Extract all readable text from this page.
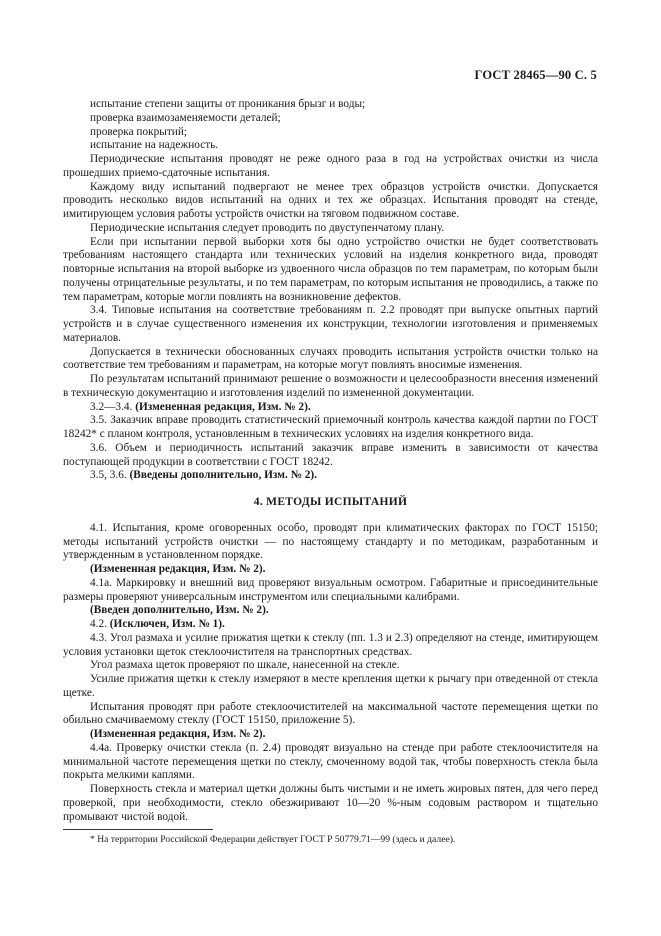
ГОСТ 28465—90 С. 5

испытание степени защиты от проникания брызг и воды;

проверка взаимозаменяемости деталей;

проверка покрытий;

испытание на надежность.

Периодические испытания проводят не реже одного раза в год на устройствах очистки из числа прошедших приемо-сдаточные испытания.

Каждому виду испытаний подвергают не менее трех образцов устройств очистки. Допускается проводить несколько видов испытаний на одних и тех же образцах. Испытания проводят на стенде, имитирующем условия работы устройств очистки на тяговом подвижном составе.

Периодические испытания следует проводить по двуступенчатому плану.

Если при испытании первой выборки хотя бы одно устройство очистки не будет соответствовать требованиям настоящего стандарта или технических условий на изделия конкретного вида, проводят повторные испытания на второй выборке из удвоенного числа образцов по тем параметрам, по которым были получены отрицательные результаты, и по тем параметрам, по которым испытания не проводились, а также по тем параметрам, которые могли повлиять на возникновение дефектов.

3.4. Типовые испытания на соответствие требованиям п. 2.2 проводят при выпуске опытных партий устройств и в случае существенного изменения их конструкции, технологии изготовления и применяемых материалов.

Допускается в технически обоснованных случаях проводить испытания устройств очистки только на соответствие тем требованиям и параметрам, на которые могут повлиять вносимые изменения.

По результатам испытаний принимают решение о возможности и целесообразности внесения изменений в техническую документацию и изготовления изделий по измененной документации.

3.2—3.4. (Измененная редакция, Изм. № 2).

3.5. Заказчик вправе проводить статистический приемочный контроль качества каждой партии по ГОСТ 18242* с планом контроля, установленным в технических условиях на изделия конкретного вида.

3.6. Объем и периодичность испытаний заказчик вправе изменить в зависимости от качества поступающей продукции в соответствии с ГОСТ 18242.

3.5, 3.6. (Введены дополнительно, Изм. № 2).

4. МЕТОДЫ ИСПЫТАНИЙ

4.1. Испытания, кроме оговоренных особо, проводят при климатических факторах по ГОСТ 15150; методы испытаний устройств очистки — по настоящему стандарту и по методикам, разработанным и утвержденным в установленном порядке.

(Измененная редакция, Изм. № 2).

4.1а. Маркировку и внешний вид проверяют визуальным осмотром. Габаритные и присоединительные размеры проверяют универсальным инструментом или специальными калибрами.

(Введен дополнительно, Изм. № 2).

4.2. (Исключен, Изм. № 1).

4.3. Угол размаха и усилие прижатия щетки к стеклу (пп. 1.3 и 2.3) определяют на стенде, имитирующем условия установки щеток стеклоочистителя на транспортных средствах.

Угол размаха щеток проверяют по шкале, нанесенной на стекле.

Усилие прижатия щетки к стеклу измеряют в месте крепления щетки к рычагу при отведенной от стекла щетке.

Испытания проводят при работе стеклоочистителей на максимальной частоте перемещения щетки по обильно смачиваемому стеклу (ГОСТ 15150, приложение 5).

(Измененная редакция, Изм. № 2).

4.4а. Проверку очистки стекла (п. 2.4) проводят визуально на стенде при работе стеклоочистителя на минимальной частоте перемещения щетки по стеклу, смоченному водой так, чтобы поверхность стекла была покрыта мелкими каплями.

Поверхность стекла и материал щетки должны быть чистыми и не иметь жировых пятен, для чего перед проверкой, при необходимости, стекло обезжиривают 10—20 %-ным содовым раствором и тщательно промывают чистой водой.

* На территории Российской Федерации действует ГОСТ Р 50779.71—99 (здесь и далее).
